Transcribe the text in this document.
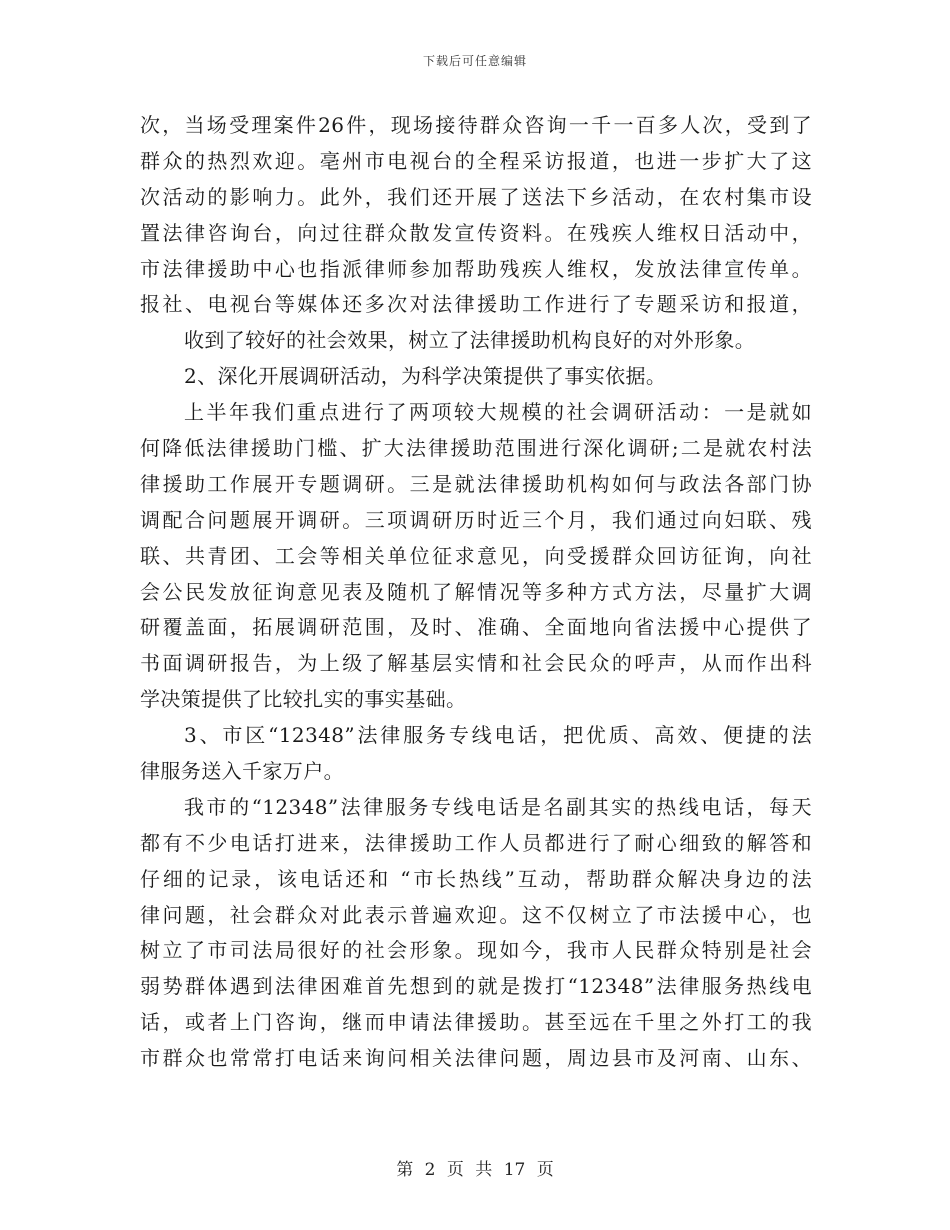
下载后可任意编辑
次，当场受理案件26件，现场接待群众咨询一千一百多人次，受到了
群众的热烈欢迎。亳州市电视台的全程采访报道，也进一步扩大了这
次活动的影响力。此外，我们还开展了送法下乡活动，在农村集市设
置法律咨询台，向过往群众散发宣传资料。在残疾人维权日活动中，
市法律援助中心也指派律师参加帮助残疾人维权，发放法律宣传单。
报社、电视台等媒体还多次对法律援助工作进行了专题采访和报道，
收到了较好的社会效果，树立了法律援助机构良好的对外形象。
2、深化开展调研活动，为科学决策提供了事实依据。
上半年我们重点进行了两项较大规模的社会调研活动：一是就如
何降低法律援助门槛、扩大法律援助范围进行深化调研;二是就农村法
律援助工作展开专题调研。三是就法律援助机构如何与政法各部门协
调配合问题展开调研。三项调研历时近三个月，我们通过向妇联、残
联、共青团、工会等相关单位征求意见，向受援群众回访征询，向社
会公民发放征询意见表及随机了解情况等多种方式方法，尽量扩大调
研覆盖面，拓展调研范围，及时、准确、全面地向省法援中心提供了
书面调研报告，为上级了解基层实情和社会民众的呼声，从而作出科
学决策提供了比较扎实的事实基础。
3、市区“12348”法律服务专线电话，把优质、高效、便捷的法
律服务送入千家万户。
我市的“12348”法律服务专线电话是名副其实的热线电话，每天
都有不少电话打进来，法律援助工作人员都进行了耐心细致的解答和
仔细的记录，该电话还和 “市长热线”互动，帮助群众解决身边的法
律问题，社会群众对此表示普遍欢迎。这不仅树立了市法援中心，也
树立了市司法局很好的社会形象。现如今，我市人民群众特别是社会
弱势群体遇到法律困难首先想到的就是拨打“12348”法律服务热线电
话，或者上门咨询，继而申请法律援助。甚至远在千里之外打工的我
市群众也常常打电话来询问相关法律问题，周边县市及河南、山东、
第 2 页 共 17 页
